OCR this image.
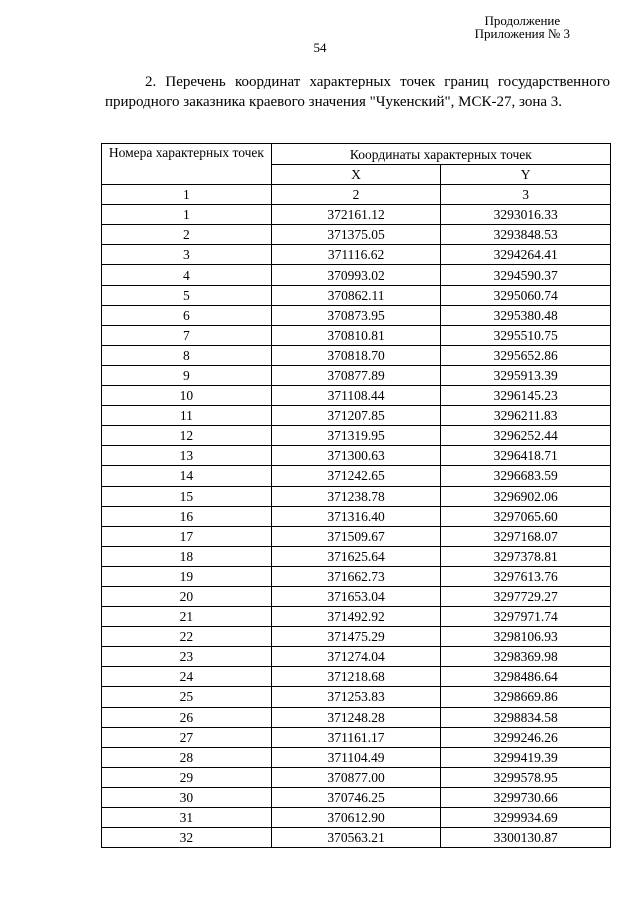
Продолжение
Приложения № 3
54
2. Перечень координат характерных точек границ государственного природного заказника краевого значения "Чукенский", МСК-27, зона 3.
Номера характерных точек	Координаты характерных точек	
	X	Y
1	2	3
1	372161.12	3293016.33
2	371375.05	3293848.53
3	371116.62	3294264.41
4	370993.02	3294590.37
5	370862.11	3295060.74
6	370873.95	3295380.48
7	370810.81	3295510.75
8	370818.70	3295652.86
9	370877.89	3295913.39
10	371108.44	3296145.23
11	371207.85	3296211.83
12	371319.95	3296252.44
13	371300.63	3296418.71
14	371242.65	3296683.59
15	371238.78	3296902.06
16	371316.40	3297065.60
17	371509.67	3297168.07
18	371625.64	3297378.81
19	371662.73	3297613.76
20	371653.04	3297729.27
21	371492.92	3297971.74
22	371475.29	3298106.93
23	371274.04	3298369.98
24	371218.68	3298486.64
25	371253.83	3298669.86
26	371248.28	3298834.58
27	371161.17	3299246.26
28	371104.49	3299419.39
29	370877.00	3299578.95
30	370746.25	3299730.66
31	370612.90	3299934.69
32	370563.21	3300130.87
